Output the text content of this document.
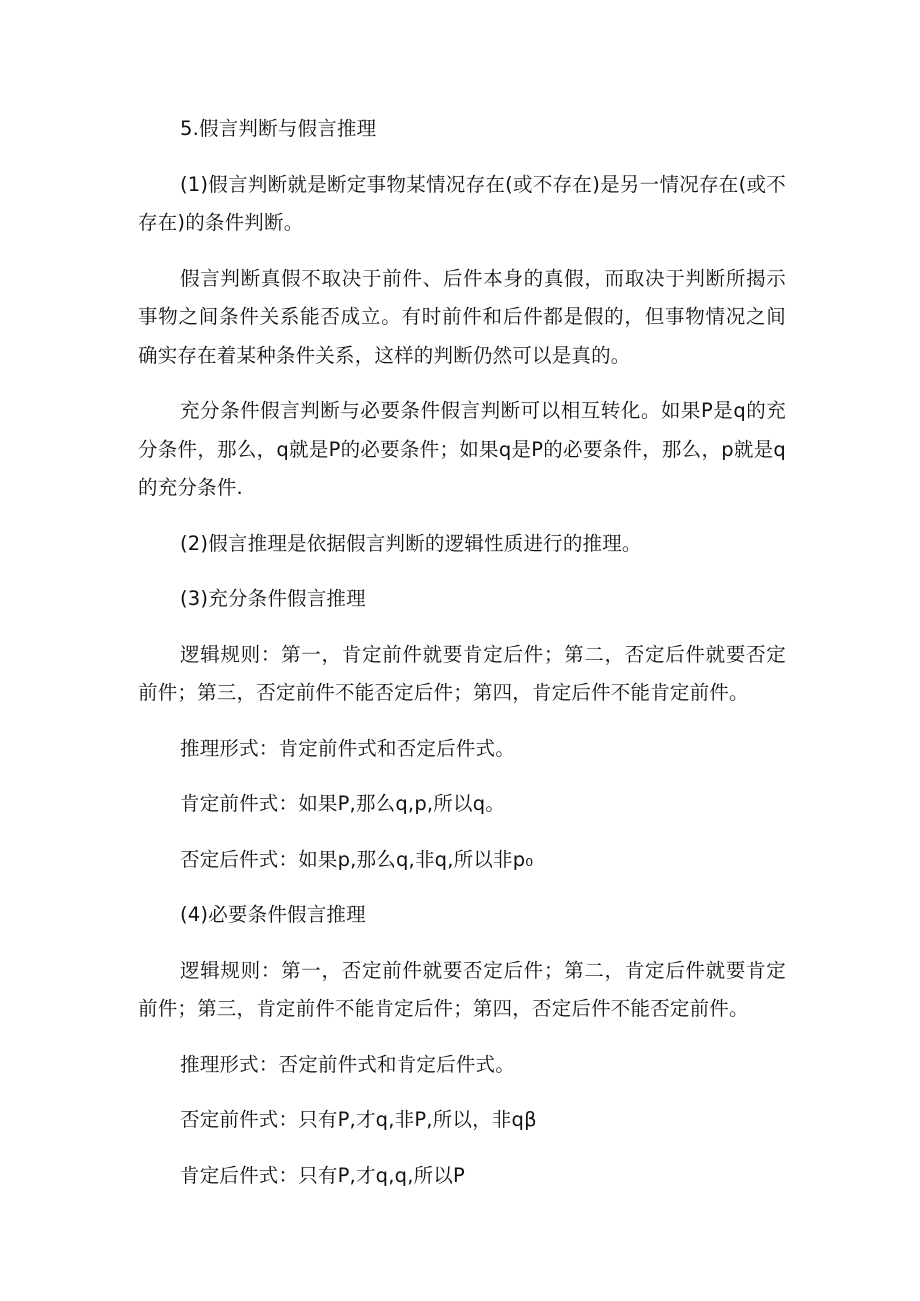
5.假言判断与假言推理

(1)假言判断就是断定事物某情况存在(或不存在)是另一情况存在(或不存在)的条件判断。

假言判断真假不取决于前件、后件本身的真假，而取决于判断所揭示事物之间条件关系能否成立。有时前件和后件都是假的，但事物情况之间确实存在着某种条件关系，这样的判断仍然可以是真的。

充分条件假言判断与必要条件假言判断可以相互转化。如果P是q的充分条件，那么，q就是P的必要条件；如果q是P的必要条件，那么，p就是q的充分条件.

(2)假言推理是依据假言判断的逻辑性质进行的推理。

(3)充分条件假言推理

逻辑规则：第一，肯定前件就要肯定后件；第二，否定后件就要否定前件；第三，否定前件不能否定后件；第四，肯定后件不能肯定前件。

推理形式：肯定前件式和否定后件式。

肯定前件式：如果P,那么q,p,所以q。

否定后件式：如果p,那么q,非q,所以非p₀

(4)必要条件假言推理

逻辑规则：第一，否定前件就要否定后件；第二，肯定后件就要肯定前件；第三，肯定前件不能肯定后件；第四，否定后件不能否定前件。

推理形式：否定前件式和肯定后件式。

否定前件式：只有P,才q,非P,所以，非qβ

肯定后件式：只有P,才q,q,所以P
